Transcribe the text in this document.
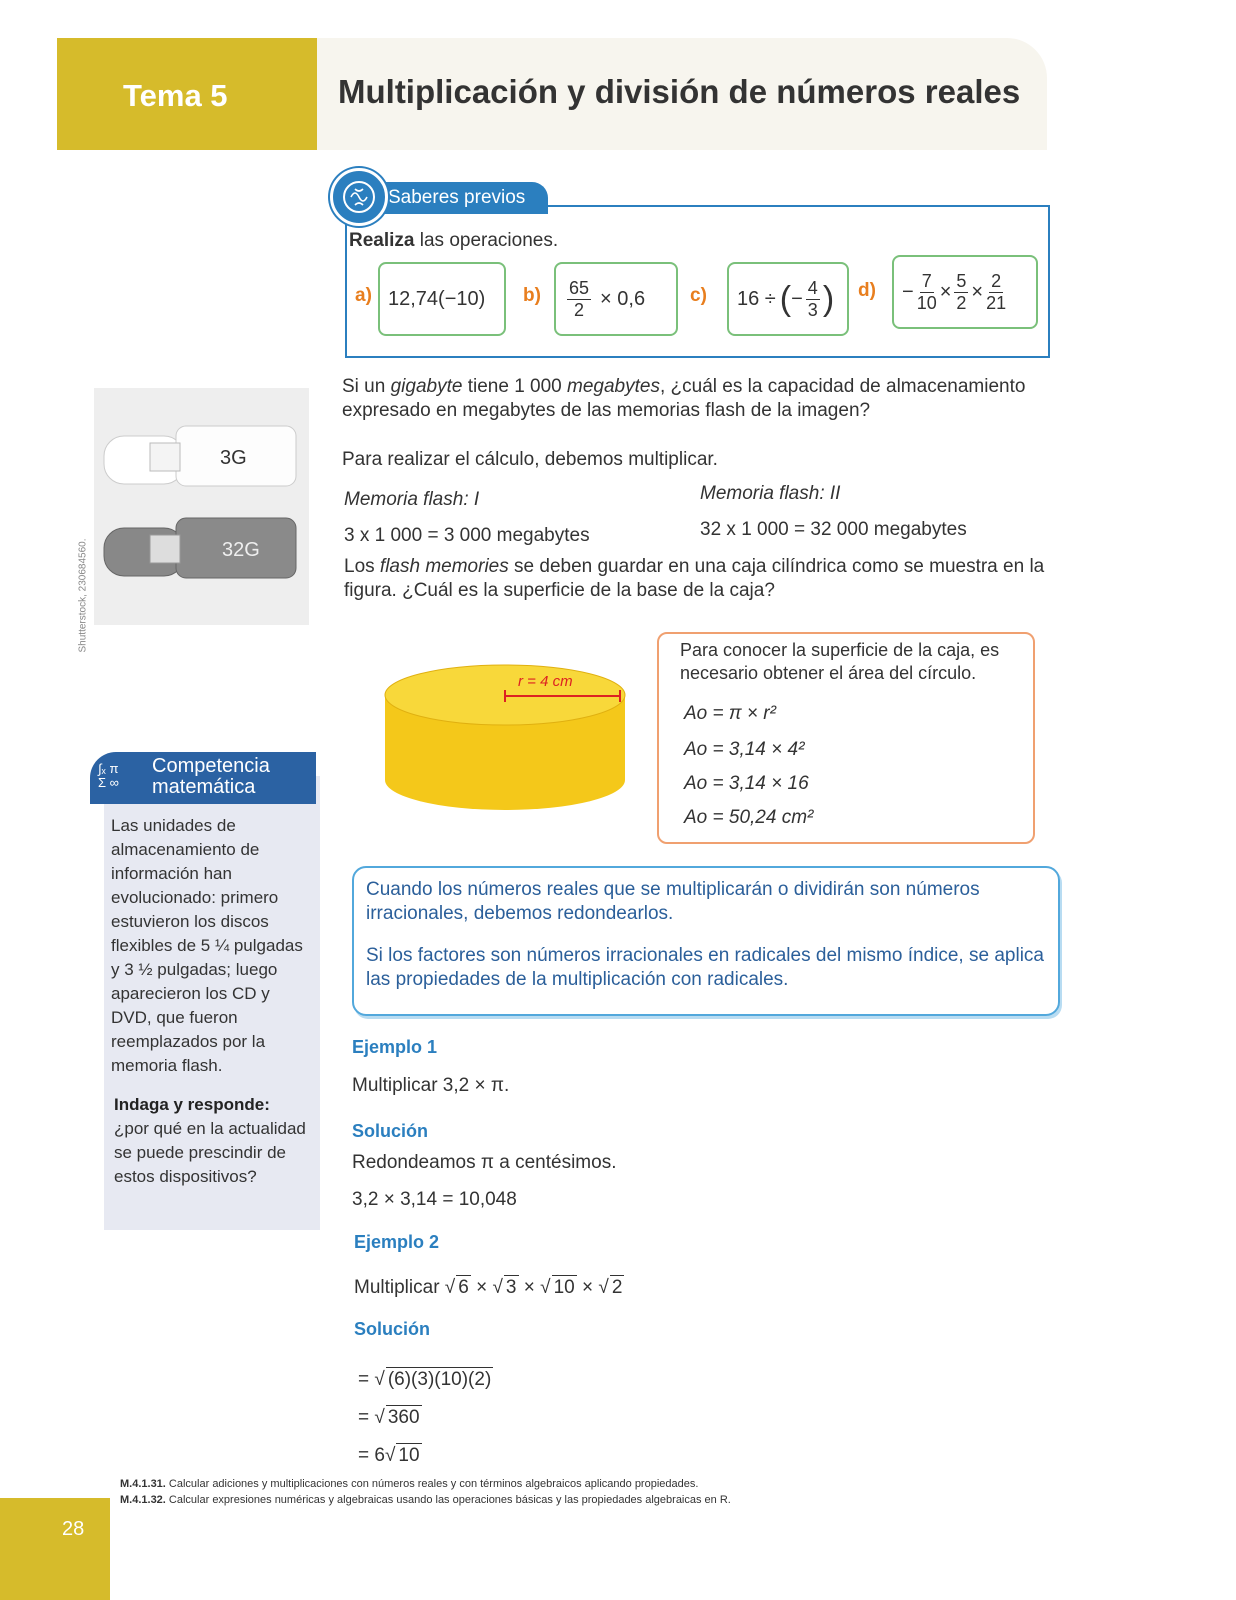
Tema 5	Multiplicación y división de números reales
Saberes previos
Realiza las operaciones.
a) 12,74(−10) $b) \frac{65}{2} \times 0,6$ c) 16 ÷ ( − $\frac{4}{3}$ ) d)	− $\frac{7}{10} \times \frac{5}{2} \times \frac{2}{21}$
3G
32G
Shutterstock, 230684560.
Si un gigabyte tiene 1 000 megabytes, ¿cuál es la capacidad de almacenamiento expresado en megabytes de las memorias flash de la imagen?
Para realizar el cálculo, debemos multiplicar.
Memoria flash: I	Memoria flash: II
3 x 1 000 = 3 000 megabytes	32 x 1 000 = 32 000 megabytes
Los flash memories se deben guardar en una caja cilíndrica como se muestra en la figura. ¿Cuál es la superficie de la base de la caja?
r = 4 cm
Para conocer la superficie de la caja, es necesario obtener el área del círculo.
Ao = π × r²
Ao = 3,14 × 4²
Ao = 3,14 × 16
Ao = 50,24 cm²
Cuando los números reales que se multiplicarán o dividirán son números irracionales, debemos redondearlos.
Si los factores son números irracionales en radicales del mismo índice, se aplica las propiedades de la multiplicación con radicales.
Ejemplo 1
Multiplicar 3,2 × π.
Solución
Redondeamos π a centésimos.
3,2 × 3,14 = 10,048
Ejemplo 2
Multiplicar √ 6 × √ 3 × √ 10 × √ 2
Solución
= √ (6)(3)(10)(2)
= √ 360
= 6√ 10
∫ₓ π
Σ ∞
Competencia
matemática
Las unidades de almacenamiento de información han evolucionado: primero estuvieron los discos flexibles de 5 ¼ pulgadas y 3 ½ pulgadas; luego aparecieron los CD y DVD, que fueron reemplazados por la memoria flash.
Indaga y responde:
¿por qué en la actualidad se puede prescindir de estos dispositivos?
M.4.1.31. Calcular adiciones y multiplicaciones con números reales y con términos algebraicos aplicando propiedades.
M.4.1.32. Calcular expresiones numéricas y algebraicas usando las operaciones básicas y las propiedades algebraicas en R.
28
